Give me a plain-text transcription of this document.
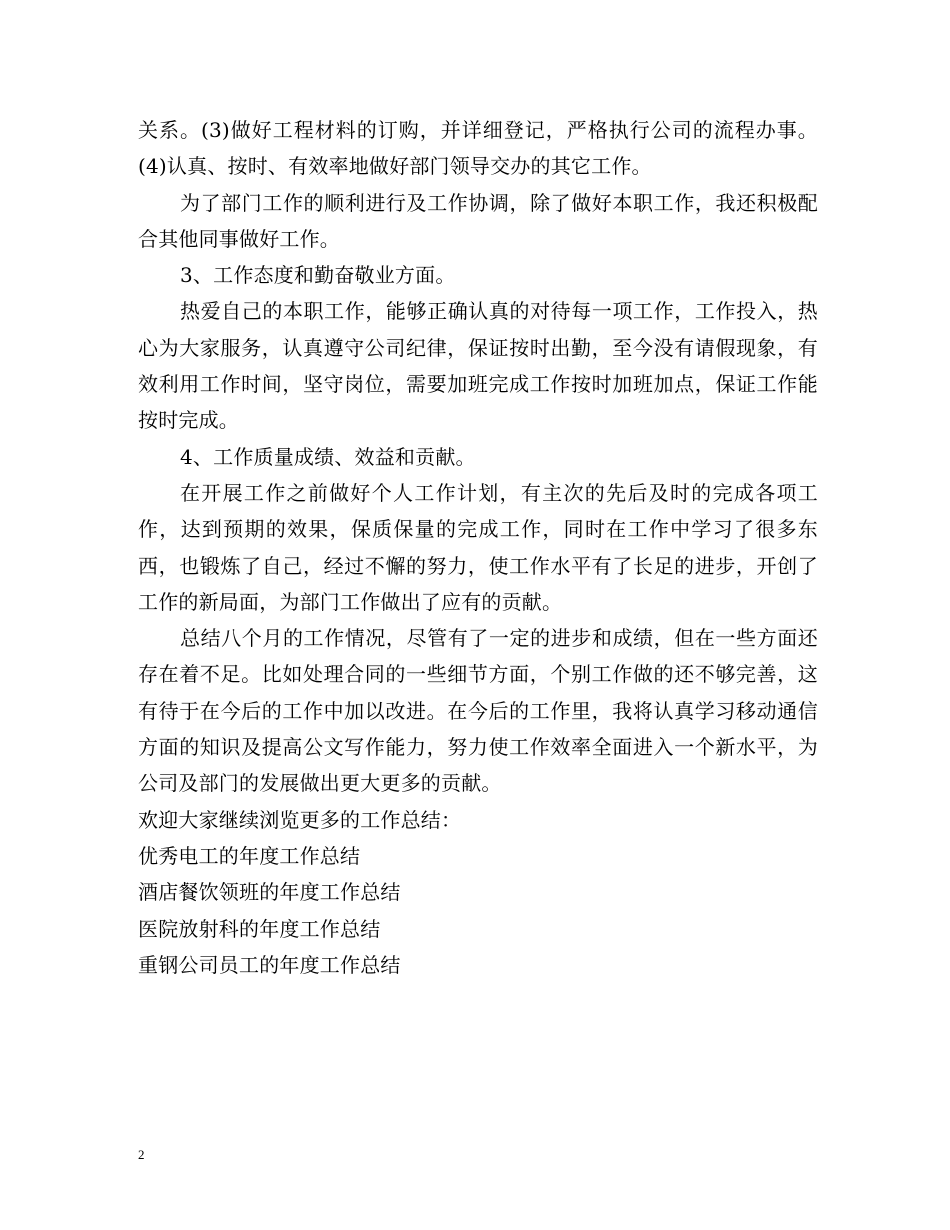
关系。(3)做好工程材料的订购，并详细登记，严格执行公司的流程办事。(4)认真、按时、有效率地做好部门领导交办的其它工作。

为了部门工作的顺利进行及工作协调，除了做好本职工作，我还积极配合其他同事做好工作。

3、工作态度和勤奋敬业方面。

热爱自己的本职工作，能够正确认真的对待每一项工作，工作投入，热心为大家服务，认真遵守公司纪律，保证按时出勤，至今没有请假现象，有效利用工作时间，坚守岗位，需要加班完成工作按时加班加点，保证工作能按时完成。

4、工作质量成绩、效益和贡献。

在开展工作之前做好个人工作计划，有主次的先后及时的完成各项工作，达到预期的效果，保质保量的完成工作，同时在工作中学习了很多东西，也锻炼了自己，经过不懈的努力，使工作水平有了长足的进步，开创了工作的新局面，为部门工作做出了应有的贡献。

总结八个月的工作情况，尽管有了一定的进步和成绩，但在一些方面还存在着不足。比如处理合同的一些细节方面，个别工作做的还不够完善，这有待于在今后的工作中加以改进。在今后的工作里，我将认真学习移动通信方面的知识及提高公文写作能力，努力使工作效率全面进入一个新水平，为公司及部门的发展做出更大更多的贡献。

欢迎大家继续浏览更多的工作总结：

优秀电工的年度工作总结
酒店餐饮领班的年度工作总结
医院放射科的年度工作总结
重钢公司员工的年度工作总结
2
